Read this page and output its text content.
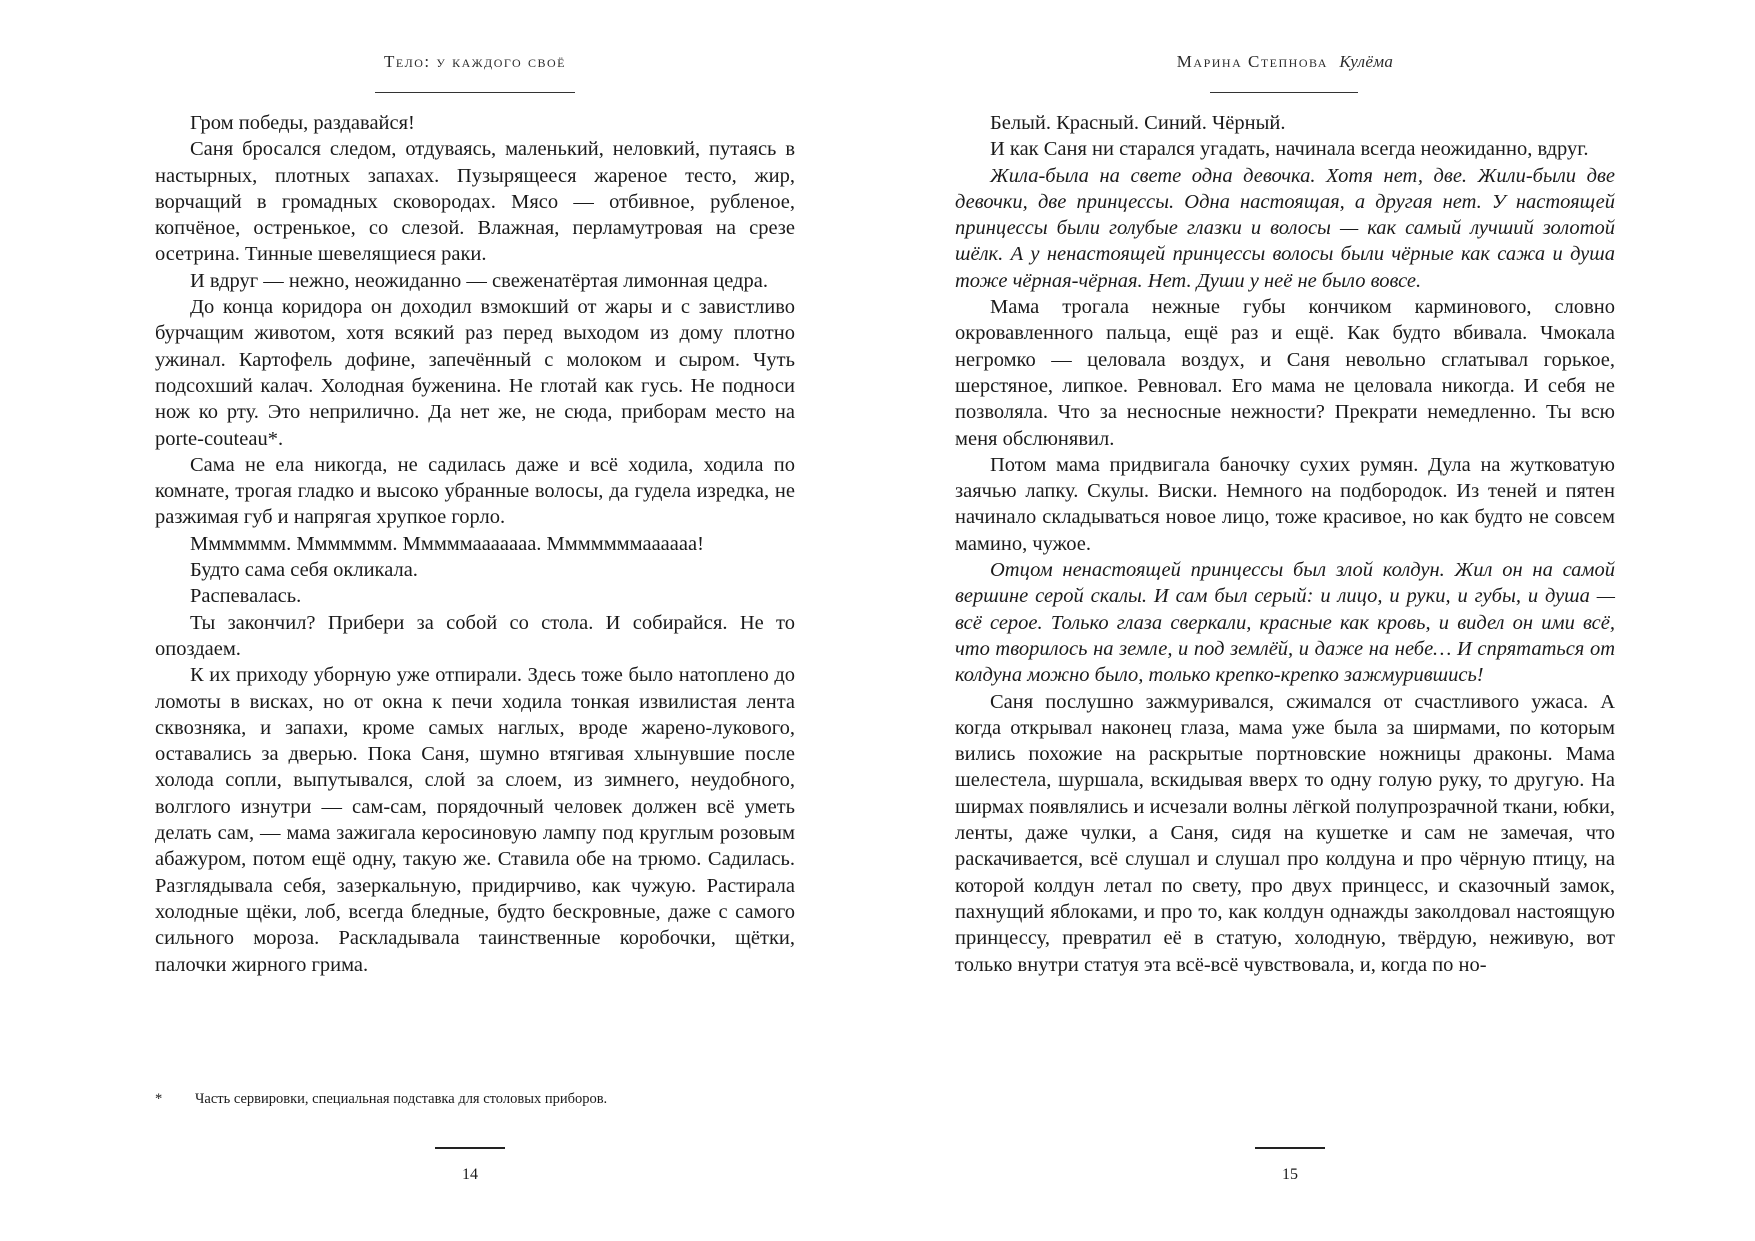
Тело: у каждого своё

Гром победы, раздавайся!

Саня бросался следом, отдуваясь, маленький, неловкий, путаясь в настырных, плотных запахах. Пузырящееся жареное тесто, жир, ворчащий в громадных сковородах. Мясо — отбивное, рубленое, копчёное, остренькое, со слезой. Влажная, перламутровая на срезе осетрина. Тинные шевелящиеся раки.

И вдруг — нежно, неожиданно — свеженатёртая лимонная цедра.

До конца коридора он доходил взмокший от жары и с завистливо бурчащим животом, хотя всякий раз перед выходом из дому плотно ужинал. Картофель дофине, запечённый с молоком и сыром. Чуть подсохший калач. Холодная буженина. Не глотай как гусь. Не подноси нож ко рту. Это неприлично. Да нет же, не сюда, приборам место на porte-couteau*.

Сама не ела никогда, не садилась даже и всё ходила, ходила по комнате, трогая гладко и высоко убранные волосы, да гудела изредка, не разжимая губ и напрягая хрупкое горло.

Ммммммм. Ммммммм. Мммммааааааа. Мммммммаааааа!

Будто сама себя окликала.

Распевалась.

Ты закончил? Прибери за собой со стола. И собирайся. Не то опоздаем.

К их приходу уборную уже отпирали. Здесь тоже было натоплено до ломоты в висках, но от окна к печи ходила тонкая извилистая лента сквозняка, и запахи, кроме самых наглых, вроде жарено-лукового, оставались за дверью. Пока Саня, шумно втягивая хлынувшие после холода сопли, выпутывался, слой за слоем, из зимнего, неудобного, волглого изнутри — сам-сам, порядочный человек должен всё уметь делать сам, — мама зажигала керосиновую лампу под круглым розовым абажуром, потом ещё одну, такую же. Ставила обе на трюмо. Садилась. Разглядывала себя, зазеркальную, придирчиво, как чужую. Растирала холодные щёки, лоб, всегда бледные, будто бескровные, даже с самого сильного мороза. Раскладывала таинственные коробочки, щётки, палочки жирного грима.

* Часть сервировки, специальная подставка для столовых приборов.
14
Марина Степнова Кулёма

Белый. Красный. Синий. Чёрный.

И как Саня ни старался угадать, начинала всегда неожиданно, вдруг.

Жила-была на свете одна девочка. Хотя нет, две. Жили-были две девочки, две принцессы. Одна настоящая, а другая нет. У настоящей принцессы были голубые глазки и волосы — как самый лучший золотой шёлк. А у ненастоящей принцессы волосы были чёрные как сажа и душа тоже чёрная-чёрная. Нет. Души у неё не было вовсе.

Мама трогала нежные губы кончиком карминового, словно окровавленного пальца, ещё раз и ещё. Как будто вбивала. Чмокала негромко — целовала воздух, и Саня невольно сглатывал горькое, шерстяное, липкое. Ревновал. Его мама не целовала никогда. И себя не позволяла. Что за несносные нежности? Прекрати немедленно. Ты всю меня обслюнявил.

Потом мама придвигала баночку сухих румян. Дула на жутковатую заячью лапку. Скулы. Виски. Немного на подбородок. Из теней и пятен начинало складываться новое лицо, тоже красивое, но как будто не совсем мамино, чужое.

Отцом ненастоящей принцессы был злой колдун. Жил он на самой вершине серой скалы. И сам был серый: и лицо, и руки, и губы, и душа — всё серое. Только глаза сверкали, красные как кровь, и видел он ими всё, что творилось на земле, и под землёй, и даже на небе… И спрятаться от колдуна можно было, только крепко-крепко зажмурившись!

Саня послушно зажмуривался, сжимался от счастливого ужаса. А когда открывал наконец глаза, мама уже была за ширмами, по которым вились похожие на раскрытые портновские ножницы драконы. Мама шелестела, шуршала, вскидывая вверх то одну голую руку, то другую. На ширмах появлялись и исчезали волны лёгкой полупрозрачной ткани, юбки, ленты, даже чулки, а Саня, сидя на кушетке и сам не замечая, что раскачивается, всё слушал и слушал про колдуна и про чёрную птицу, на которой колдун летал по свету, про двух принцесс, и сказочный замок, пахнущий яблоками, и про то, как колдун однажды заколдовал настоящую принцессу, превратил её в статую, холодную, твёрдую, неживую, вот только внутри статуя эта всё-всё чувствовала, и, когда по но-

15
